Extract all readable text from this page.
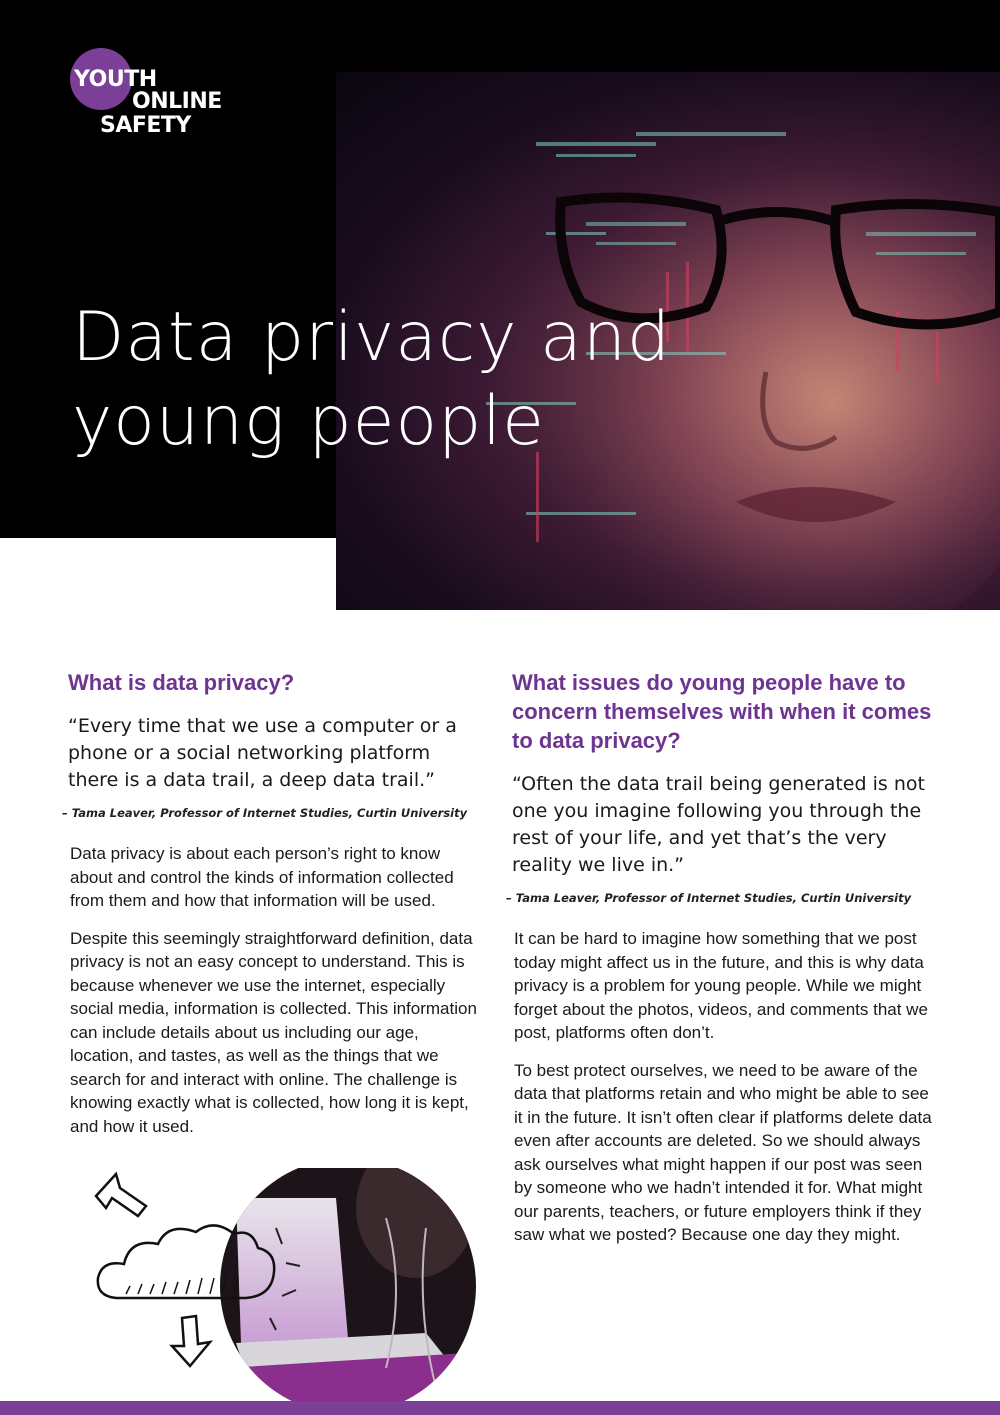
YOUTH
ONLINE
SAFETY
Data privacy and
young people
What is data privacy?

“Every time that we use a computer or a phone or a social networking platform there is a data trail, a deep data trail.”

– Tama Leaver, Professor of Internet Studies, Curtin University

Data privacy is about each person’s right to know about and control the kinds of information collected from them and how that information will be used.

Despite this seemingly straightforward definition, data privacy is not an easy concept to understand. This is because whenever we use the internet, especially social media, information is collected. This information can include details about us including our age, location, and tastes, as well as the things that we search for and interact with online. The challenge is knowing exactly what is collected, how long it is kept, and how it used.

What issues do young people have to concern themselves with when it comes to data privacy?

“Often the data trail being generated is not one you imagine following you through the rest of your life, and yet that’s the very reality we live in.”

– Tama Leaver, Professor of Internet Studies, Curtin University

It can be hard to imagine how something that we post today might affect us in the future, and this is why data privacy is a problem for young people. While we might forget about the photos, videos, and comments that we post, platforms often don’t.

To best protect ourselves, we need to be aware of the data that platforms retain and who might be able to see it in the future. It isn’t often clear if platforms delete data even after accounts are deleted. So we should always ask ourselves what might happen if our post was seen by someone who we hadn’t intended it for. What might our parents, teachers, or future employers think if they saw what we posted? Because one day they might.
